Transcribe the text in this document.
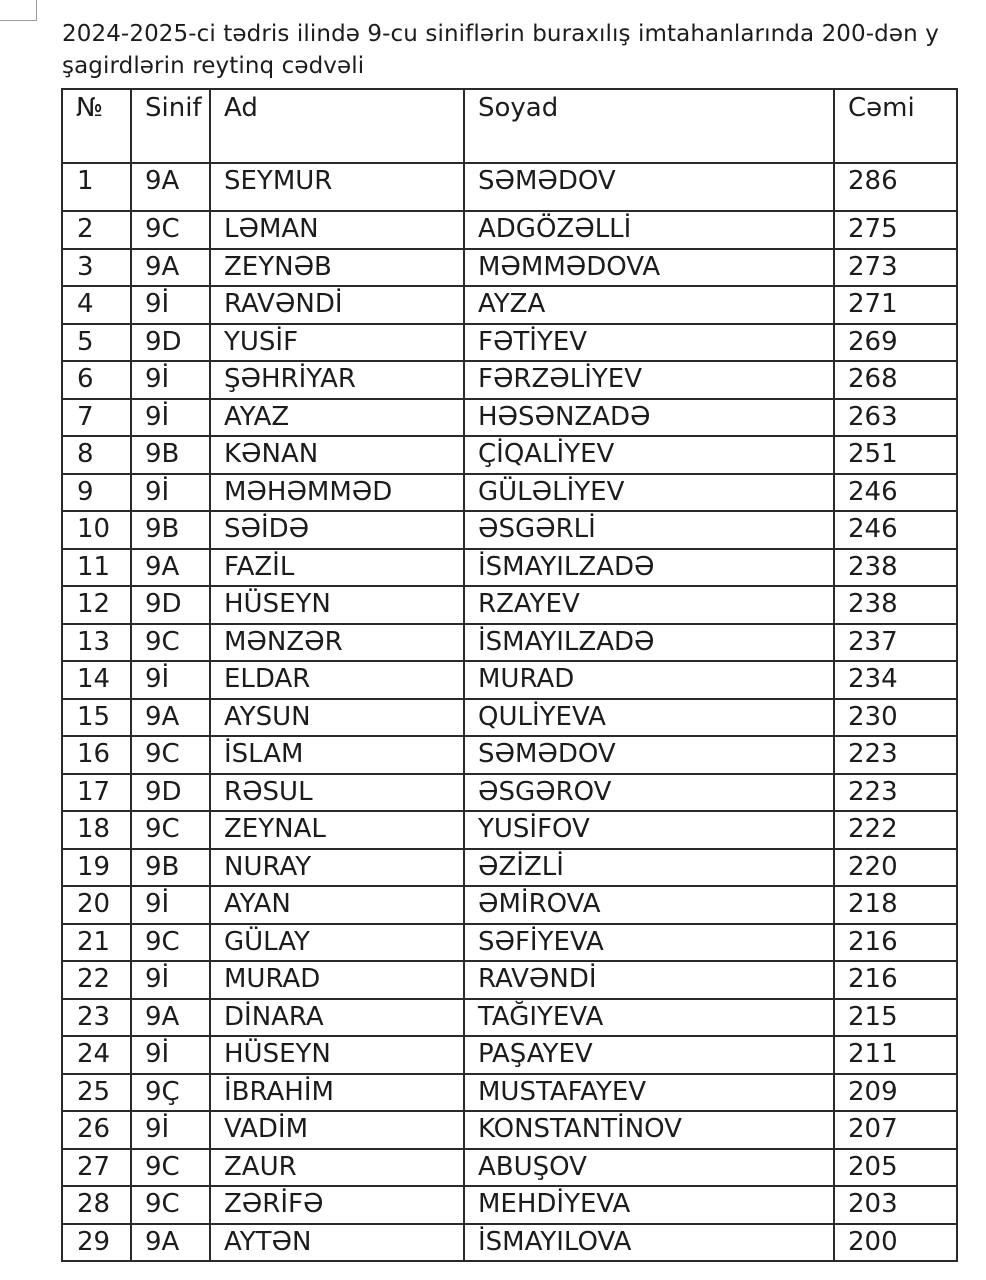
2024-2025-ci tədris ilində 9-cu siniflərin buraxılış imtahanlarında 200-dən y
şagirdlərin reytinq cədvəli
№	Sinif	Ad	Soyad	Cəmi
1	9A	SEYMUR	SƏMƏDOV	286
2	9C	LƏMAN	ADGÖZƏLLİ	275
3	9A	ZEYNƏB	MƏMMƏDOVA	273
4	9İ	RAVƏNDİ	AYZA	271
5	9D	YUSİF	FƏTİYEV	269
6	9İ	ŞƏHRİYAR	FƏRZƏLİYEV	268
7	9İ	AYAZ	HƏSƏNZADƏ	263
8	9B	KƏNAN	ÇİQALİYEV	251
9	9İ	MƏHƏMMƏD	GÜLƏLİYEV	246
10	9B	SƏİDƏ	ƏSGƏRLİ	246
11	9A	FAZİL	İSMAYILZADƏ	238
12	9D	HÜSEYN	RZAYEV	238
13	9C	MƏNZƏR	İSMAYILZADƏ	237
14	9İ	ELDAR	MURAD	234
15	9A	AYSUN	QULİYEVA	230
16	9C	İSLAM	SƏMƏDOV	223
17	9D	RƏSUL	ƏSGƏROV	223
18	9C	ZEYNAL	YUSİFOV	222
19	9B	NURAY	ƏZİZLİ	220
20	9İ	AYAN	ƏMİROVA	218
21	9C	GÜLAY	SƏFİYEVA	216
22	9İ	MURAD	RAVƏNDİ	216
23	9A	DİNARA	TAĞIYEVA	215
24	9İ	HÜSEYN	PAŞAYEV	211
25	9Ç	İBRAHİM	MUSTAFAYEV	209
26	9İ	VADİM	KONSTANTİNOV	207
27	9C	ZAUR	ABUŞOV	205
28	9C	ZƏRİFƏ	MEHDİYEVA	203
29	9A	AYTƏN	İSMAYILOVA	200
